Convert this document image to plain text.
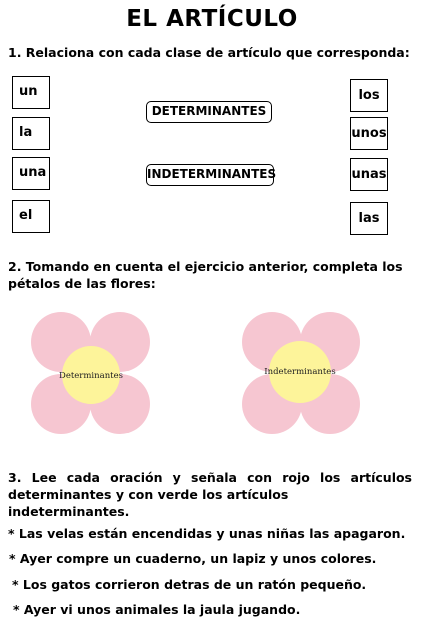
EL ARTÍCULO
1. Relaciona con cada clase de artículo que corresponda:
un
la
una
el
DETERMINANTES
INDETERMINANTES
los
unos
unas
las
2. Tomando en cuenta el ejercicio anterior, completa los
pétalos de las flores:
Determinantes	Indeterminantes
3. Lee cada oración y señala con rojo los artículos
determinantes y con verde los artículos indeterminantes.
* Las velas están encendidas y unas niñas las apagaron.
* Ayer compre un cuaderno, un lapiz y unos colores.
* Los gatos corrieron detras de un ratón pequeño.
* Ayer vi unos animales la jaula jugando.
